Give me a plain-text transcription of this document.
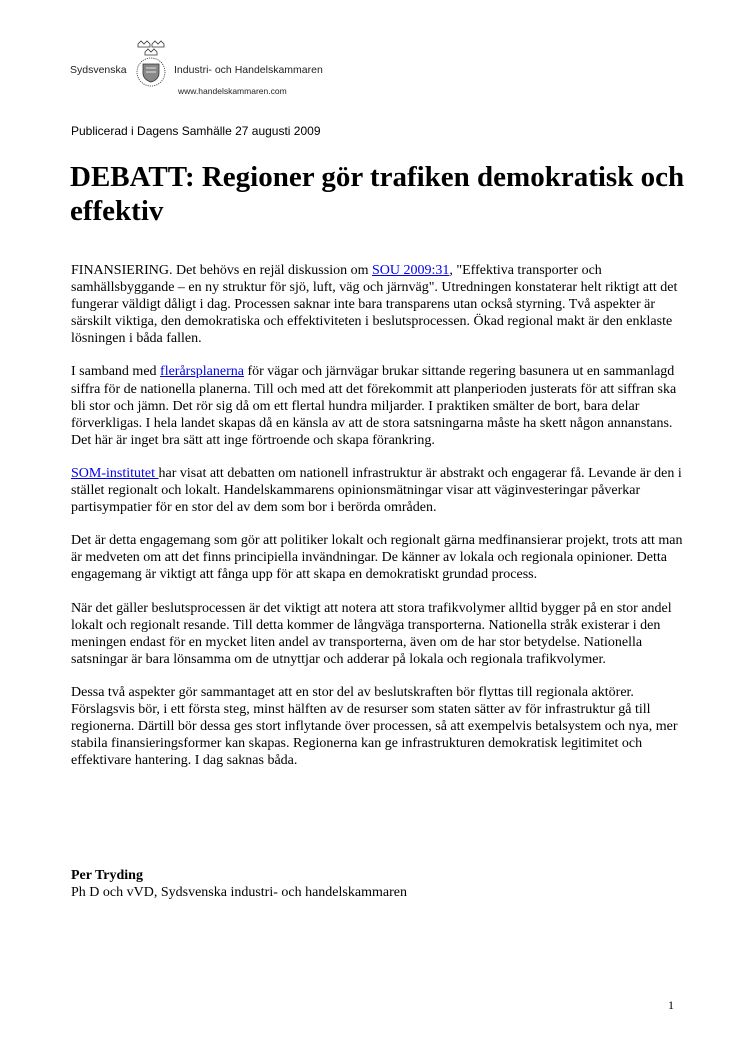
Sydsvenska	Industri- och Handelskammaren
www.handelskammaren.com
Publicerad i Dagens Samhälle 27 augusti 2009
DEBATT: Regioner gör trafiken demokratisk och effektiv

FINANSIERING. Det behövs en rejäl diskussion om SOU 2009:31, "Effektiva transporter och samhällsbyggande – en ny struktur för sjö, luft, väg och järnväg". Utredningen konstaterar helt riktigt att det fungerar väldigt dåligt i dag. Processen saknar inte bara transparens utan också styrning. Två aspekter är särskilt viktiga, den demokratiska och effektiviteten i beslutsprocessen. Ökad regional makt är den enklaste lösningen i båda fallen.

I samband med flerårsplanerna för vägar och järnvägar brukar sittande regering basunera ut en sammanlagd siffra för de nationella planerna. Till och med att det förekommit att planperioden justerats för att siffran ska bli stor och jämn. Det rör sig då om ett flertal hundra miljarder. I praktiken smälter de bort, bara delar förverkligas. I hela landet skapas då en känsla av att de stora satsningarna måste ha skett någon annanstans. Det här är inget bra sätt att inge förtroende och skapa förankring.

SOM-institutet har visat att debatten om nationell infrastruktur är abstrakt och engagerar få. Levande är den i stället regionalt och lokalt. Handelskammarens opinionsmätningar visar att väginvesteringar påverkar partisympatier för en stor del av dem som bor i berörda områden.

Det är detta engagemang som gör att politiker lokalt och regionalt gärna medfinansierar projekt, trots att man är medveten om att det finns principiella invändningar. De känner av lokala och regionala opinioner. Detta engagemang är viktigt att fånga upp för att skapa en demokratiskt grundad process.

När det gäller beslutsprocessen är det viktigt att notera att stora trafikvolymer alltid bygger på en stor andel lokalt och regionalt resande. Till detta kommer de långväga transporterna. Nationella stråk existerar i den meningen endast för en mycket liten andel av transporterna, även om de har stor betydelse. Nationella satsningar är bara lönsamma om de utnyttjar och adderar på lokala och regionala trafikvolymer.

Dessa två aspekter gör sammantaget att en stor del av beslutskraften bör flyttas till regionala aktörer. Förslagsvis bör, i ett första steg, minst hälften av de resurser som staten sätter av för infrastruktur gå till regionerna. Därtill bör dessa ges stort inflytande över processen, så att exempelvis betalsystem och nya, mer stabila finansieringsformer kan skapas. Regionerna kan ge infrastrukturen demokratisk legitimitet och effektivare hantering. I dag saknas båda.

Per Tryding
Ph D och vVD, Sydsvenska industri- och handelskammaren
1
